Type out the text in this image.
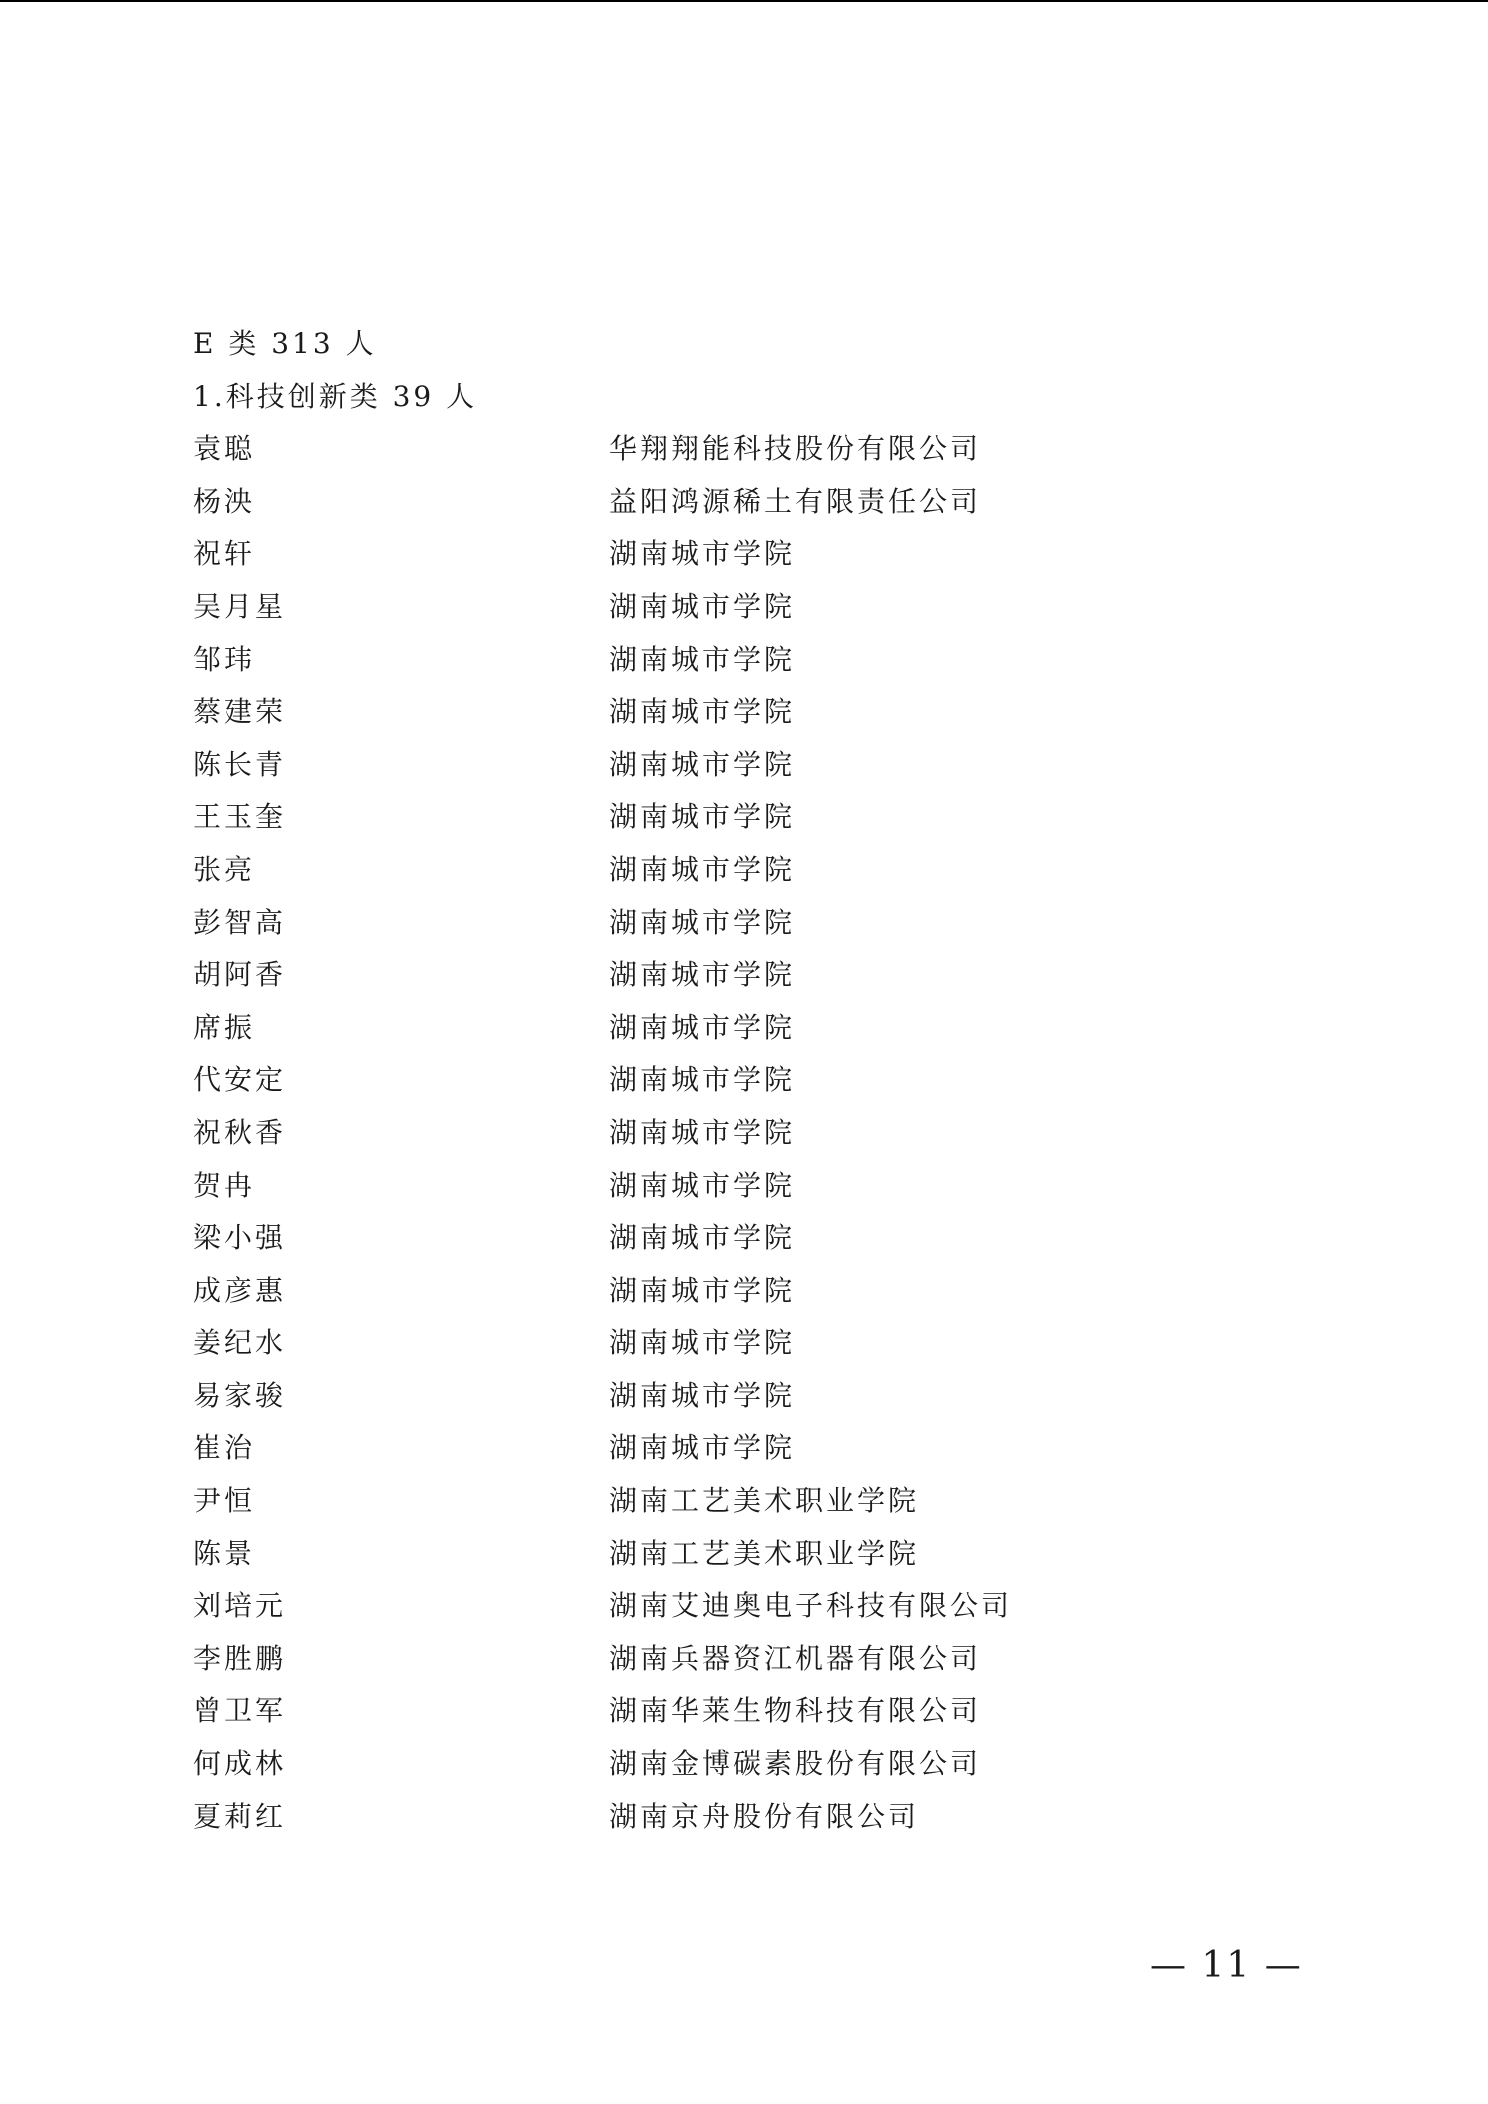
E 类 313 人
1.科技创新类 39 人
袁聪	华翔翔能科技股份有限公司
杨泱	益阳鸿源稀土有限责任公司
祝轩	湖南城市学院
吴月星	湖南城市学院
邹玮	湖南城市学院
蔡建荣	湖南城市学院
陈长青	湖南城市学院
王玉奎	湖南城市学院
张亮	湖南城市学院
彭智高	湖南城市学院
胡阿香	湖南城市学院
席振	湖南城市学院
代安定	湖南城市学院
祝秋香	湖南城市学院
贺冉	湖南城市学院
梁小强	湖南城市学院
成彦惠	湖南城市学院
姜纪水	湖南城市学院
易家骏	湖南城市学院
崔治	湖南城市学院
尹恒	湖南工艺美术职业学院
陈景	湖南工艺美术职业学院
刘培元	湖南艾迪奥电子科技有限公司
李胜鹏	湖南兵器资江机器有限公司
曾卫军	湖南华莱生物科技有限公司
何成林	湖南金博碳素股份有限公司
夏莉红	湖南京舟股份有限公司
— 11 —
